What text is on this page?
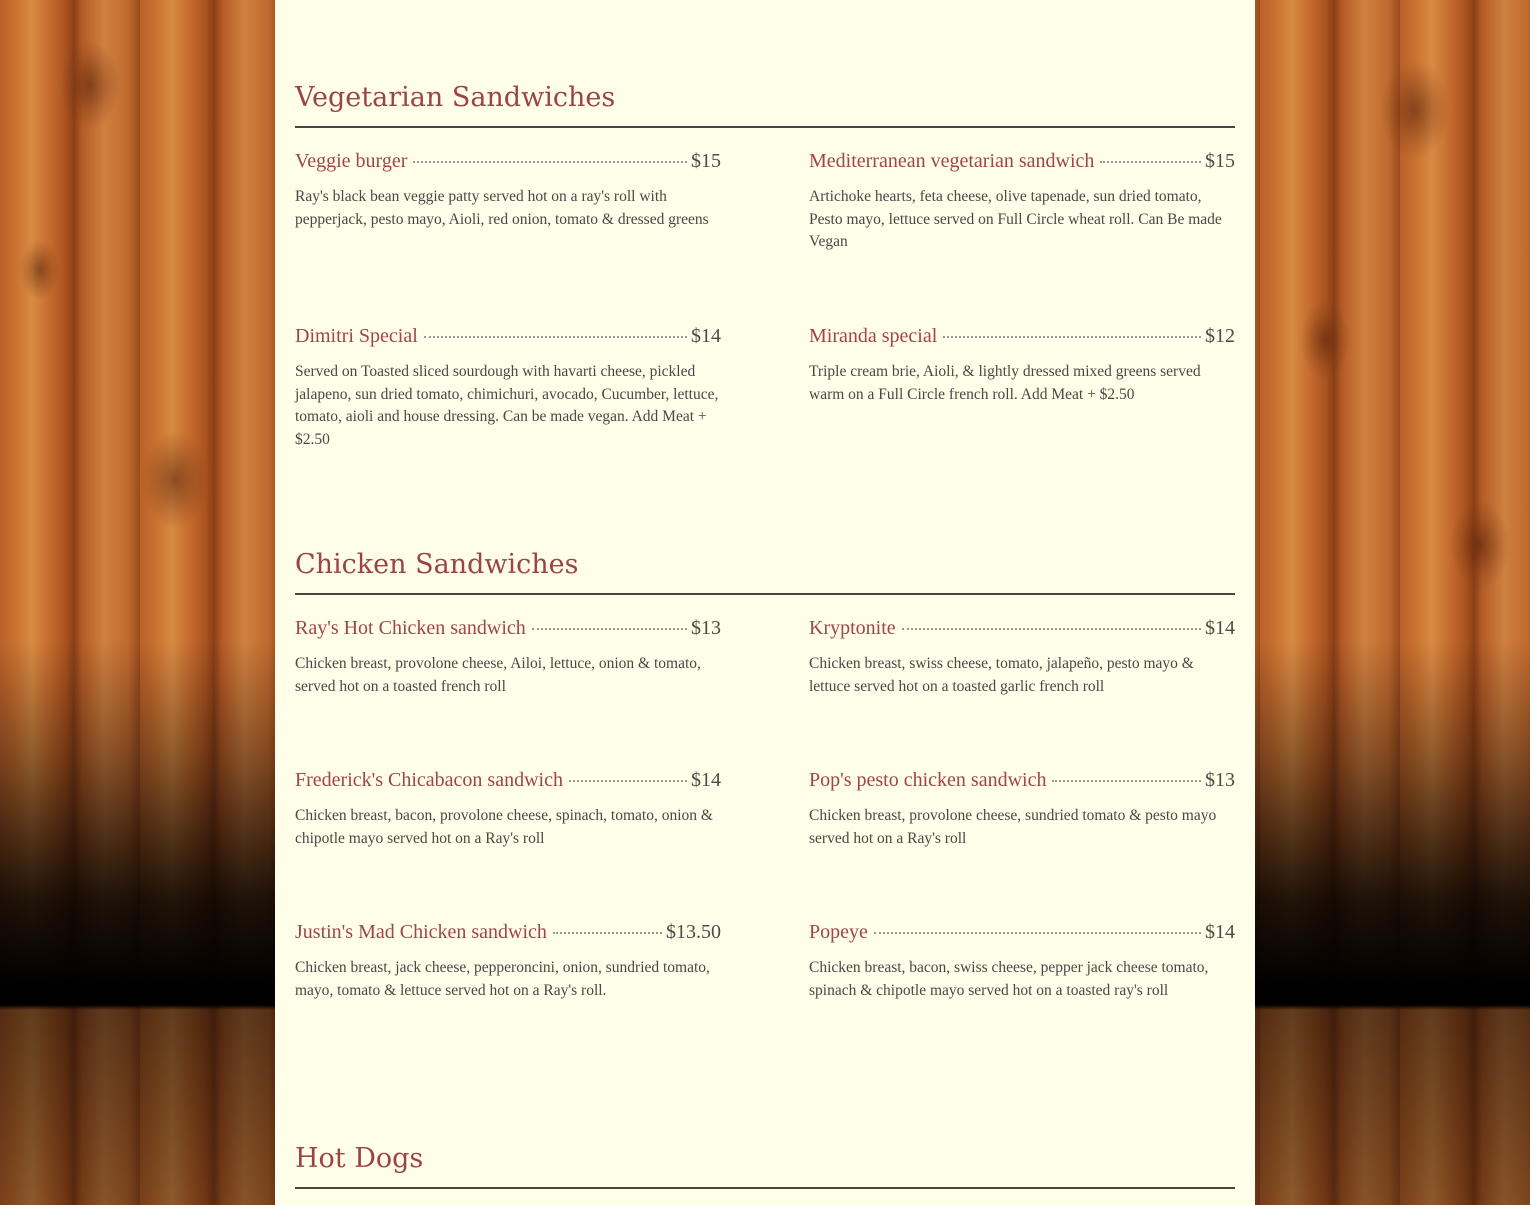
Vegetarian Sandwiches
Veggie burger	$15
Ray's black bean veggie patty served hot on a ray's roll with pepperjack, pesto mayo, Aioli, red onion, tomato & dressed greens
Mediterranean vegetarian sandwich	$15
Artichoke hearts, feta cheese, olive tapenade, sun dried tomato, Pesto mayo, lettuce served on Full Circle wheat roll. Can Be made Vegan
Dimitri Special	$14
Served on Toasted sliced sourdough with havarti cheese, pickled jalapeno, sun dried tomato, chimichuri, avocado, Cucumber, lettuce, tomato, aioli and house dressing. Can be made vegan. Add Meat + $2.50
Miranda special	$12
Triple cream brie, Aioli, & lightly dressed mixed greens served warm on a Full Circle french roll. Add Meat + $2.50
Chicken Sandwiches
Ray's Hot Chicken sandwich	$13
Chicken breast, provolone cheese, Ailoi, lettuce, onion & tomato, served hot on a toasted french roll
Kryptonite	$14
Chicken breast, swiss cheese, tomato, jalapeño, pesto mayo & lettuce served hot on a toasted garlic french roll
Frederick's Chicabacon sandwich	$14
Chicken breast, bacon, provolone cheese, spinach, tomato, onion & chipotle mayo served hot on a Ray's roll
Pop's pesto chicken sandwich	$13
Chicken breast, provolone cheese, sundried tomato & pesto mayo served hot on a Ray's roll
Justin's Mad Chicken sandwich	$13.50
Chicken breast, jack cheese, pepperoncini, onion, sundried tomato, mayo, tomato & lettuce served hot on a Ray's roll.
Popeye	$14
Chicken breast, bacon, swiss cheese, pepper jack cheese tomato, spinach & chipotle mayo served hot on a toasted ray's roll
Hot Dogs
